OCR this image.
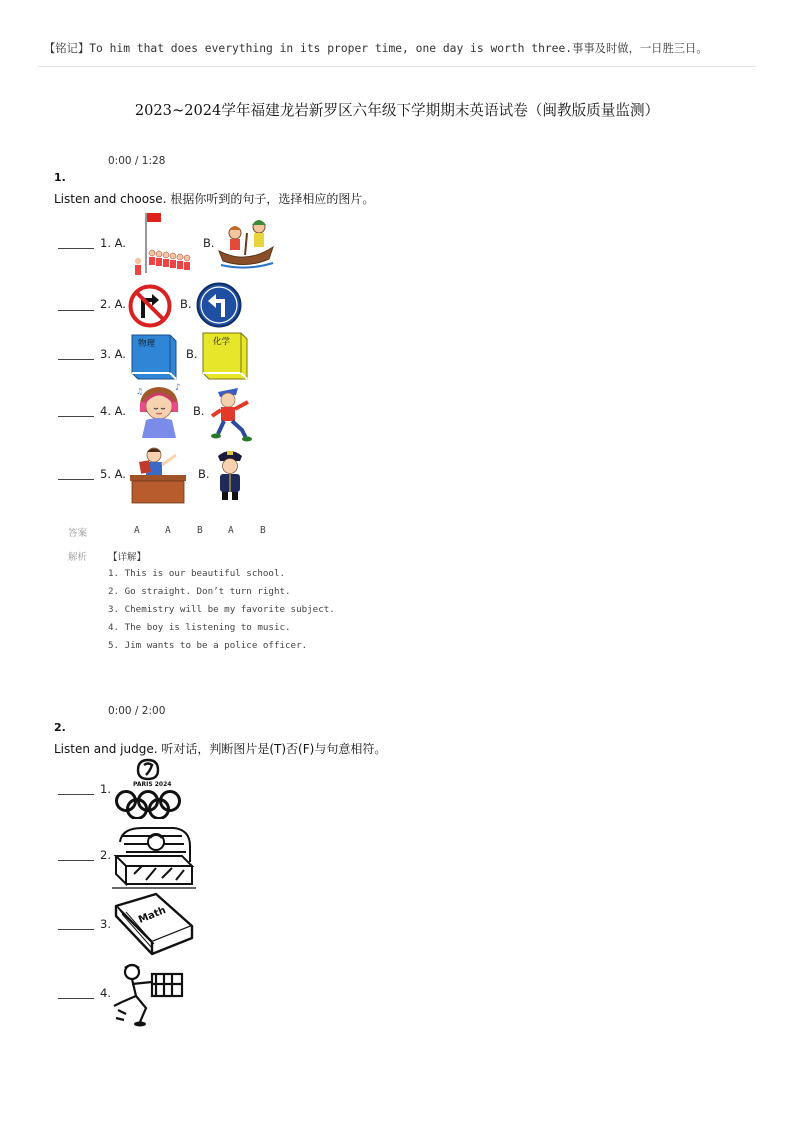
【铭记】To him that does everything in its proper time, one day is worth three.事事及时做，一日胜三日。
2023~2024学年福建龙岩新罗区六年级下学期期末英语试卷（闽教版质量监测）
0:00 / 1:28
1.
Listen and choose. 根据你听到的句子，选择相应的图片。
1. A.	B.
2. A.	B.
3. A.
物理
B.
化学
4. A.
♪
♫
B.
5. A.	B.
答案	A	A	B	A	B
解析 【详解】
1. This is our beautiful school.
2. Go straight. Don’t turn right.
3. Chemistry will be my favorite subject.
4. The boy is listening to music.
5. Jim wants to be a police officer.
0:00 / 2:00
2.
Listen and judge. 听对话，判断图片是(T)否(F)与句意相符。
1.	PARIS 2024
2.
3.	Math
4.
